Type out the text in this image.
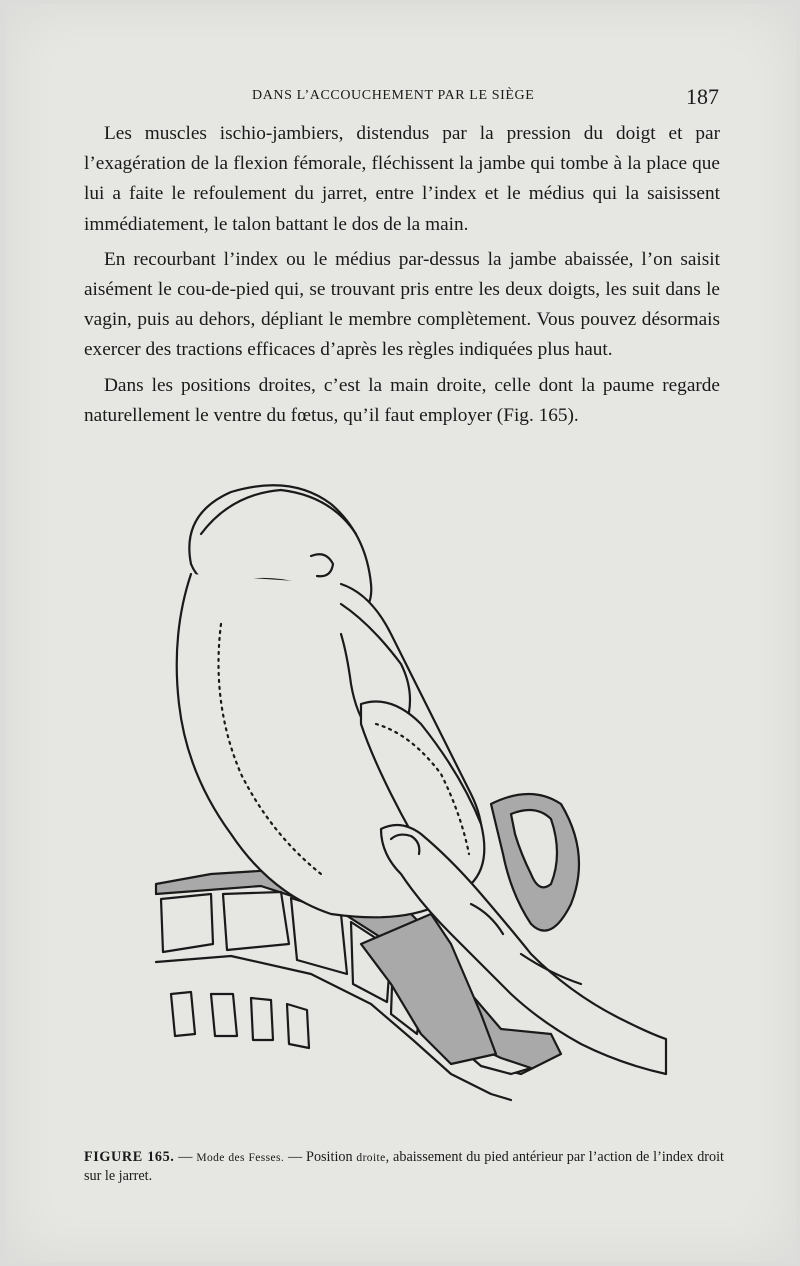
DANS L’ACCOUCHEMENT PAR LE SIÈGE	187

Les muscles ischio-jambiers, distendus par la pression du doigt et par l’exagération de la flexion fémorale, fléchissent la jambe qui tombe à la place que lui a faite le refoulement du jarret, entre l’index et le médius qui la saisissent immédiatement, le talon battant le dos de la main.

En recourbant l’index ou le médius par-dessus la jambe abaissée, l’on saisit aisément le cou-de-pied qui, se trouvant pris entre les deux doigts, les suit dans le vagin, puis au dehors, dépliant le membre complètement. Vous pouvez désormais exercer des tractions efficaces d’après les règles indiquées plus haut.

Dans les positions droites, c’est la main droite, celle dont la paume regarde naturellement le ventre du fœtus, qu’il faut employer (Fig. 165).

FIGURE 165. — Mode des Fesses. — Position droite, abaissement du pied antérieur par l’action de l’index droit sur le jarret.
